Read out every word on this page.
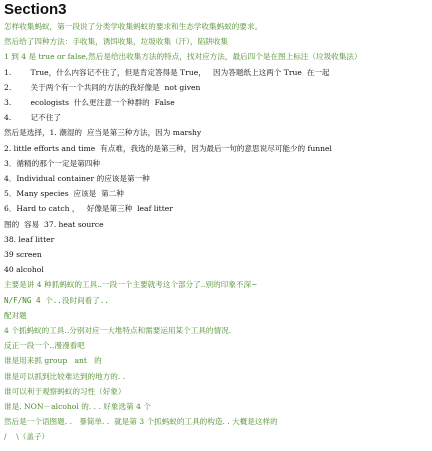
Section3
怎样收集蚂蚁，第一段说了分类学收集蚂蚁的要求和生态学收集蚂蚁的要求。
然后给了四种方法：手收集，诱饵收集，垃圾收集（汗），陷阱收集
1 到 4 是 true or false,然后是给出收集方法的特点，找对应方法，最后四个是在图上标注（垃圾收集法）
1.        True，什么内容记不住了，但是肯定答得是 True，   因为答题纸上这两个 True  在一起
2.        关于两个有一个共同的方法的我好像是  not given
3.        ecologists  什么更注意一个种群的  False
4.        记不住了
然后是选择，1. 潮湿的  应当是第三种方法，因为 marshy
2. little efforts and time  有点难，我选的是第三种，因为最后一句的意思说尽可能少的 funnel
3．循精的那个一定是第四种
4．Individual container 的应该是第一种
5．Many species  应该是  第二种
6．Hard to catch ，   好像是第三种  leaf litter
图的  容易  37. heat source
38. leaf litter
39 screen
40 alcohol
主要是讲 4 种抓蚂蚁的工具..一段一个主要就考这个部分了..别的印象不深~
N/F/NG 4 个..没时间看了..
配对题
4 个抓蚂蚁的工具..分别对应一大堆特点和需要运用某个工具的情况.
反正一段一个..漫漫看吧
谁是用来抓 group   ant   的
谁是可以抓到比较难达到的地方的. .
谁可以利于观察蚂蚁的习性（好象）
谁是. NON－alcohol 的. . . 好象选第 4 个
然后是一个语图题. .   暴简单. .  就是第 3 个抓蚂蚁的工具的构造. . 大概是这样的
/    \（盖子）
